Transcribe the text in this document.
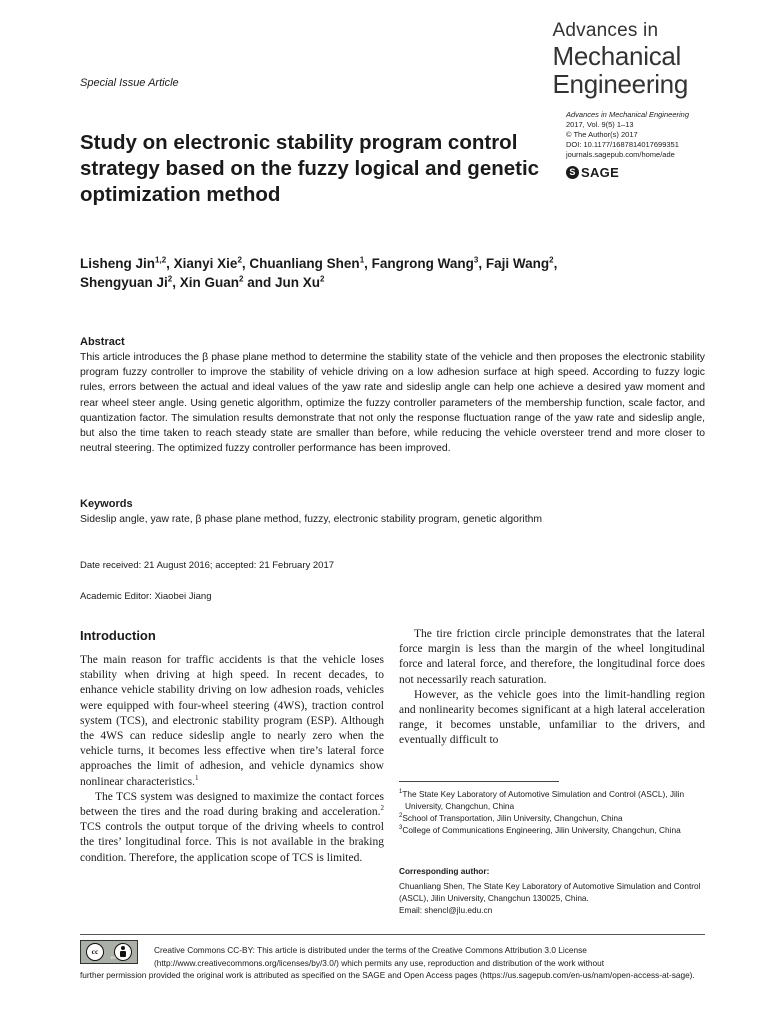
Advances in
Mechanical
Engineering
Special Issue Article
Advances in Mechanical Engineering
2017, Vol. 9(5) 1–13
© The Author(s) 2017
DOI: 10.1177/1687814017699351
journals.sagepub.com/home/ade
S SAGE
Study on electronic stability program control strategy based on the fuzzy logical and genetic optimization method
Lisheng Jin$^{1,2}$, Xianyi Xie$^2$, Chuanliang Shen$^1$, Fangrong Wang$^3$, Faji Wang$^2$, Shengyuan Ji$^2$, Xin Guan$^2$ and Jun Xu$^2$
Abstract
This article introduces the β phase plane method to determine the stability state of the vehicle and then proposes the electronic stability program fuzzy controller to improve the stability of vehicle driving on a low adhesion surface at high speed. According to fuzzy logic rules, errors between the actual and ideal values of the yaw rate and sideslip angle can help one achieve a desired yaw moment and rear wheel steer angle. Using genetic algorithm, optimize the fuzzy controller parameters of the membership function, scale factor, and quantization factor. The simulation results demonstrate that not only the response fluctuation range of the yaw rate and sideslip angle, but also the time taken to reach steady state are smaller than before, while reducing the vehicle oversteer trend and more closer to neutral steering. The optimized fuzzy controller performance has been improved.
Keywords
Sideslip angle, yaw rate, β phase plane method, fuzzy, electronic stability program, genetic algorithm
Date received: 21 August 2016; accepted: 21 February 2017
Academic Editor: Xiaobei Jiang
Introduction

The main reason for traffic accidents is that the vehicle loses stability when driving at high speed. In recent decades, to enhance vehicle stability driving on low adhesion roads, vehicles were equipped with four-wheel steering (4WS), traction control system (TCS), and electronic stability program (ESP). Although the 4WS can reduce sideslip angle to nearly zero when the vehicle turns, it becomes less effective when tire’s lateral force approaches the limit of adhesion, and vehicle dynamics show nonlinear characteristics.$^1$

The TCS system was designed to maximize the contact forces between the tires and the road during braking and acceleration.$^2$ TCS controls the output torque of the driving wheels to control the tires’ longitudinal force. This is not available in the braking condition. Therefore, the application scope of TCS is limited.

The tire friction circle principle demonstrates that the lateral force margin is less than the margin of the wheel longitudinal force and lateral force, and therefore, the longitudinal force does not necessarily reach saturation.

However, as the vehicle goes into the limit-handling region and nonlinearity becomes significant at a high lateral acceleration range, it becomes unstable, unfamiliar to the drivers, and eventually difficult to

$^1$The State Key Laboratory of Automotive Simulation and Control (ASCL), Jilin University, Changchun, China
$^2$School of Transportation, Jilin University, Changchun, China
$^3$College of Communications Engineering, Jilin University, Changchun, China
Corresponding author:
Chuanliang Shen, The State Key Laboratory of Automotive Simulation and Control (ASCL), Jilin University, Changchun 130025, China.
Email: shencl@jlu.edu.cn
cc
BY
Creative Commons CC-BY: This article is distributed under the terms of the Creative Commons Attribution 3.0 License
(http://www.creativecommons.org/licenses/by/3.0/) which permits any use, reproduction and distribution of the work without
further permission provided the original work is attributed as specified on the SAGE and Open Access pages (https://us.sagepub.com/en-us/nam/open-access-at-sage).
